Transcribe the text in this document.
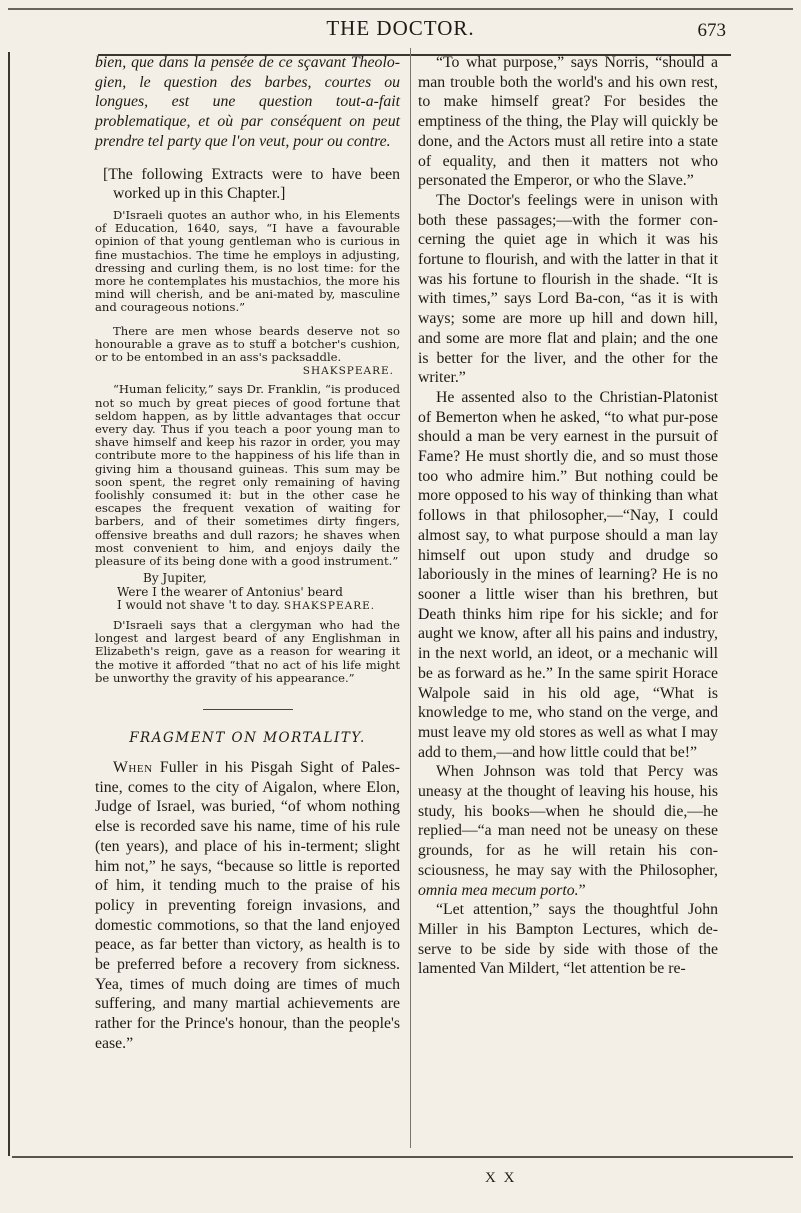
THE DOCTOR.	673

bien, que dans la pensée de ce sçavant Theolo-gien, le question des barbes, courtes ou longues, est une question tout-a-fait problematique, et où par conséquent on peut prendre tel party que l'on veut, pour ou contre.

[The following Extracts were to have been worked up in this Chapter.]

D'Israeli quotes an author who, in his Elements of Education, 1640, says, “I have a favourable opinion of that young gentleman who is curious in fine mustachios. The time he employs in adjusting, dressing and curling them, is no lost time: for the more he contemplates his mustachios, the more his mind will cherish, and be ani-mated by, masculine and courageous notions.”

There are men whose beards deserve not so honourable a grave as to stuff a botcher's cushion, or to be entombed in an ass's packsaddle.

SHAKSPEARE.

“Human felicity,” says Dr. Franklin, “is produced not so much by great pieces of good fortune that seldom happen, as by little advantages that occur every day. Thus if you teach a poor young man to shave himself and keep his razor in order, you may contribute more to the happiness of his life than in giving him a thousand guineas. This sum may be soon spent, the regret only remaining of having foolishly consumed it: but in the other case he escapes the frequent vexation of waiting for barbers, and of their sometimes dirty fingers, offensive breaths and dull razors; he shaves when most convenient to him, and enjoys daily the pleasure of its being done with a good instrument.”

By Jupiter,
Were I the wearer of Antonius' beard
I would not shave 't to day. SHAKSPEARE.

D'Israeli says that a clergyman who had the longest and largest beard of any Englishman in Elizabeth's reign, gave as a reason for wearing it the motive it afforded “that no act of his life might be unworthy the gravity of his appearance.”

FRAGMENT ON MORTALITY.

When Fuller in his Pisgah Sight of Pales-tine, comes to the city of Aigalon, where Elon, Judge of Israel, was buried, “of whom nothing else is recorded save his name, time of his rule (ten years), and place of his in-terment; slight him not,” he says, “because so little is reported of him, it tending much to the praise of his policy in preventing foreign invasions, and domestic commotions, so that the land enjoyed peace, as far better than victory, as health is to be preferred before a recovery from sickness. Yea, times of much doing are times of much suffering, and many martial achievements are rather for the Prince's honour, than the people's ease.”

“To what purpose,” says Norris, “should a man trouble both the world's and his own rest, to make himself great? For besides the emptiness of the thing, the Play will quickly be done, and the Actors must all retire into a state of equality, and then it matters not who personated the Emperor, or who the Slave.”

The Doctor's feelings were in unison with both these passages;—with the former con-cerning the quiet age in which it was his fortune to flourish, and with the latter in that it was his fortune to flourish in the shade. “It is with times,” says Lord Ba-con, “as it is with ways; some are more up hill and down hill, and some are more flat and plain; and the one is better for the liver, and the other for the writer.”

He assented also to the Christian-Platonist of Bemerton when he asked, “to what pur-pose should a man be very earnest in the pursuit of Fame? He must shortly die, and so must those too who admire him.” But nothing could be more opposed to his way of thinking than what follows in that philosopher,—“Nay, I could almost say, to what purpose should a man lay himself out upon study and drudge so laboriously in the mines of learning? He is no sooner a little wiser than his brethren, but Death thinks him ripe for his sickle; and for aught we know, after all his pains and industry, in the next world, an ideot, or a mechanic will be as forward as he.” In the same spirit Horace Walpole said in his old age, “What is knowledge to me, who stand on the verge, and must leave my old stores as well as what I may add to them,—and how little could that be!”

When Johnson was told that Percy was uneasy at the thought of leaving his house, his study, his books—when he should die,—he replied—“a man need not be uneasy on these grounds, for as he will retain his con-sciousness, he may say with the Philosopher, omnia mea mecum porto.”

“Let attention,” says the thoughtful John Miller in his Bampton Lectures, which de-serve to be side by side with those of the lamented Van Mildert, “let attention be re-

X X
